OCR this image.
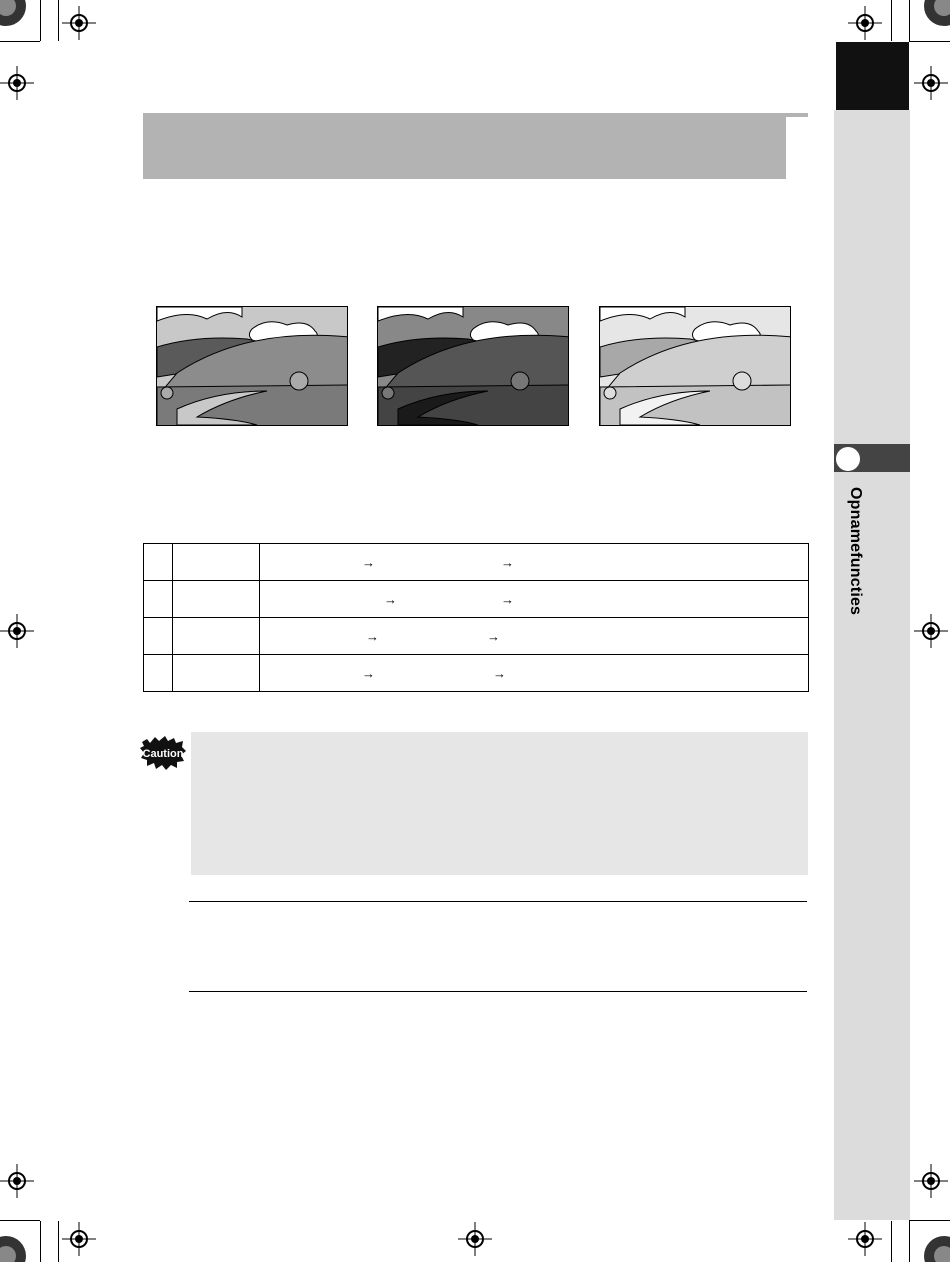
Opnamefuncties
		→ →
		→ →
		→ →
		→ →
Caution
